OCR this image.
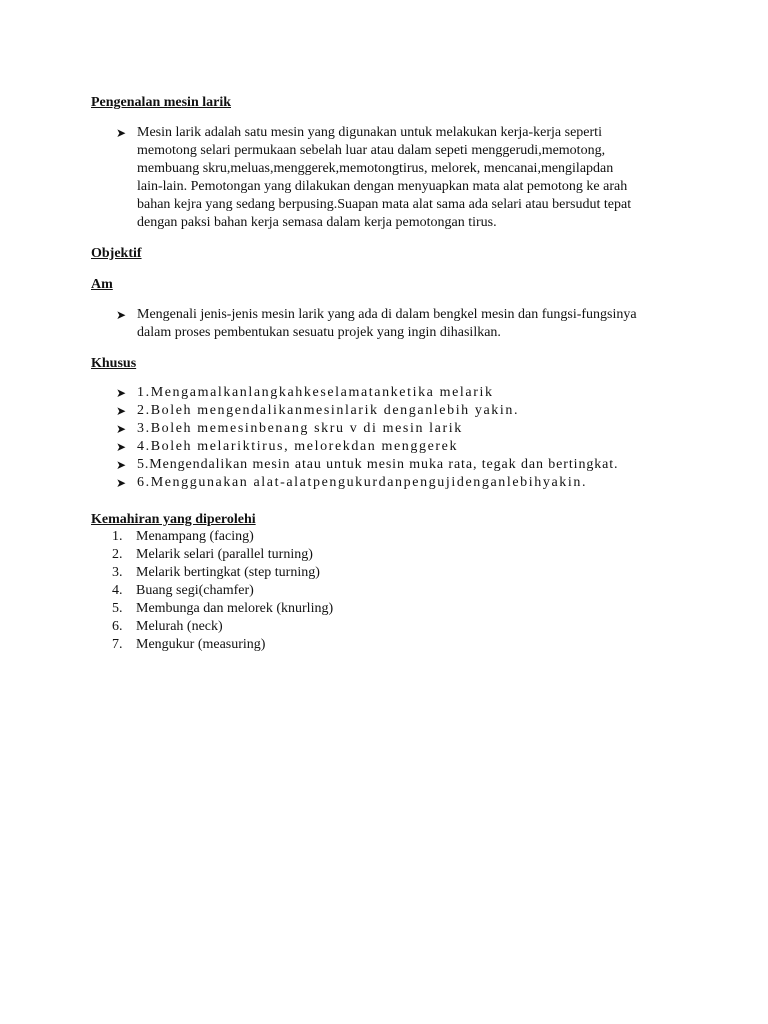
Pengenalan mesin larik
➤ Mesin larik adalah satu mesin yang digunakan untuk melakukan kerja-kerja seperti
memotong selari permukaan sebelah luar atau dalam sepeti menggerudi,memotong,
membuang skru,meluas,menggerek,memotongtirus, melorek, mencanai,mengilapdan
lain-lain. Pemotongan yang dilakukan dengan menyuapkan mata alat pemotong ke arah
bahan kejra yang sedang berpusing.Suapan mata alat sama ada selari atau bersudut tepat
dengan paksi bahan kerja semasa dalam kerja pemotongan tirus.
Objektif
Am
➤ Mengenali jenis-jenis mesin larik yang ada di dalam bengkel mesin dan fungsi-fungsinya
dalam proses pembentukan sesuatu projek yang ingin dihasilkan.
Khusus
➤ 1.Mengamalkanlangkahkeselamatanketika melarik
➤ 2.Boleh mengendalikanmesinlarik denganlebih yakin.
➤ 3.Boleh memesinbenang skru v di mesin larik
➤ 4.Boleh melariktirus, melorekdan menggerek
➤ 5.Mengendalikan mesin atau untuk mesin muka rata, tegak dan bertingkat.
➤ 6.Menggunakan alat-alatpengukurdanpengujidenganlebihyakin.
Kemahiran yang diperolehi
1. Menampang (facing)
2. Melarik selari (parallel turning)
3. Melarik bertingkat (step turning)
4. Buang segi(chamfer)
5. Membunga dan melorek (knurling)
6. Melurah (neck)
7. Mengukur (measuring)
